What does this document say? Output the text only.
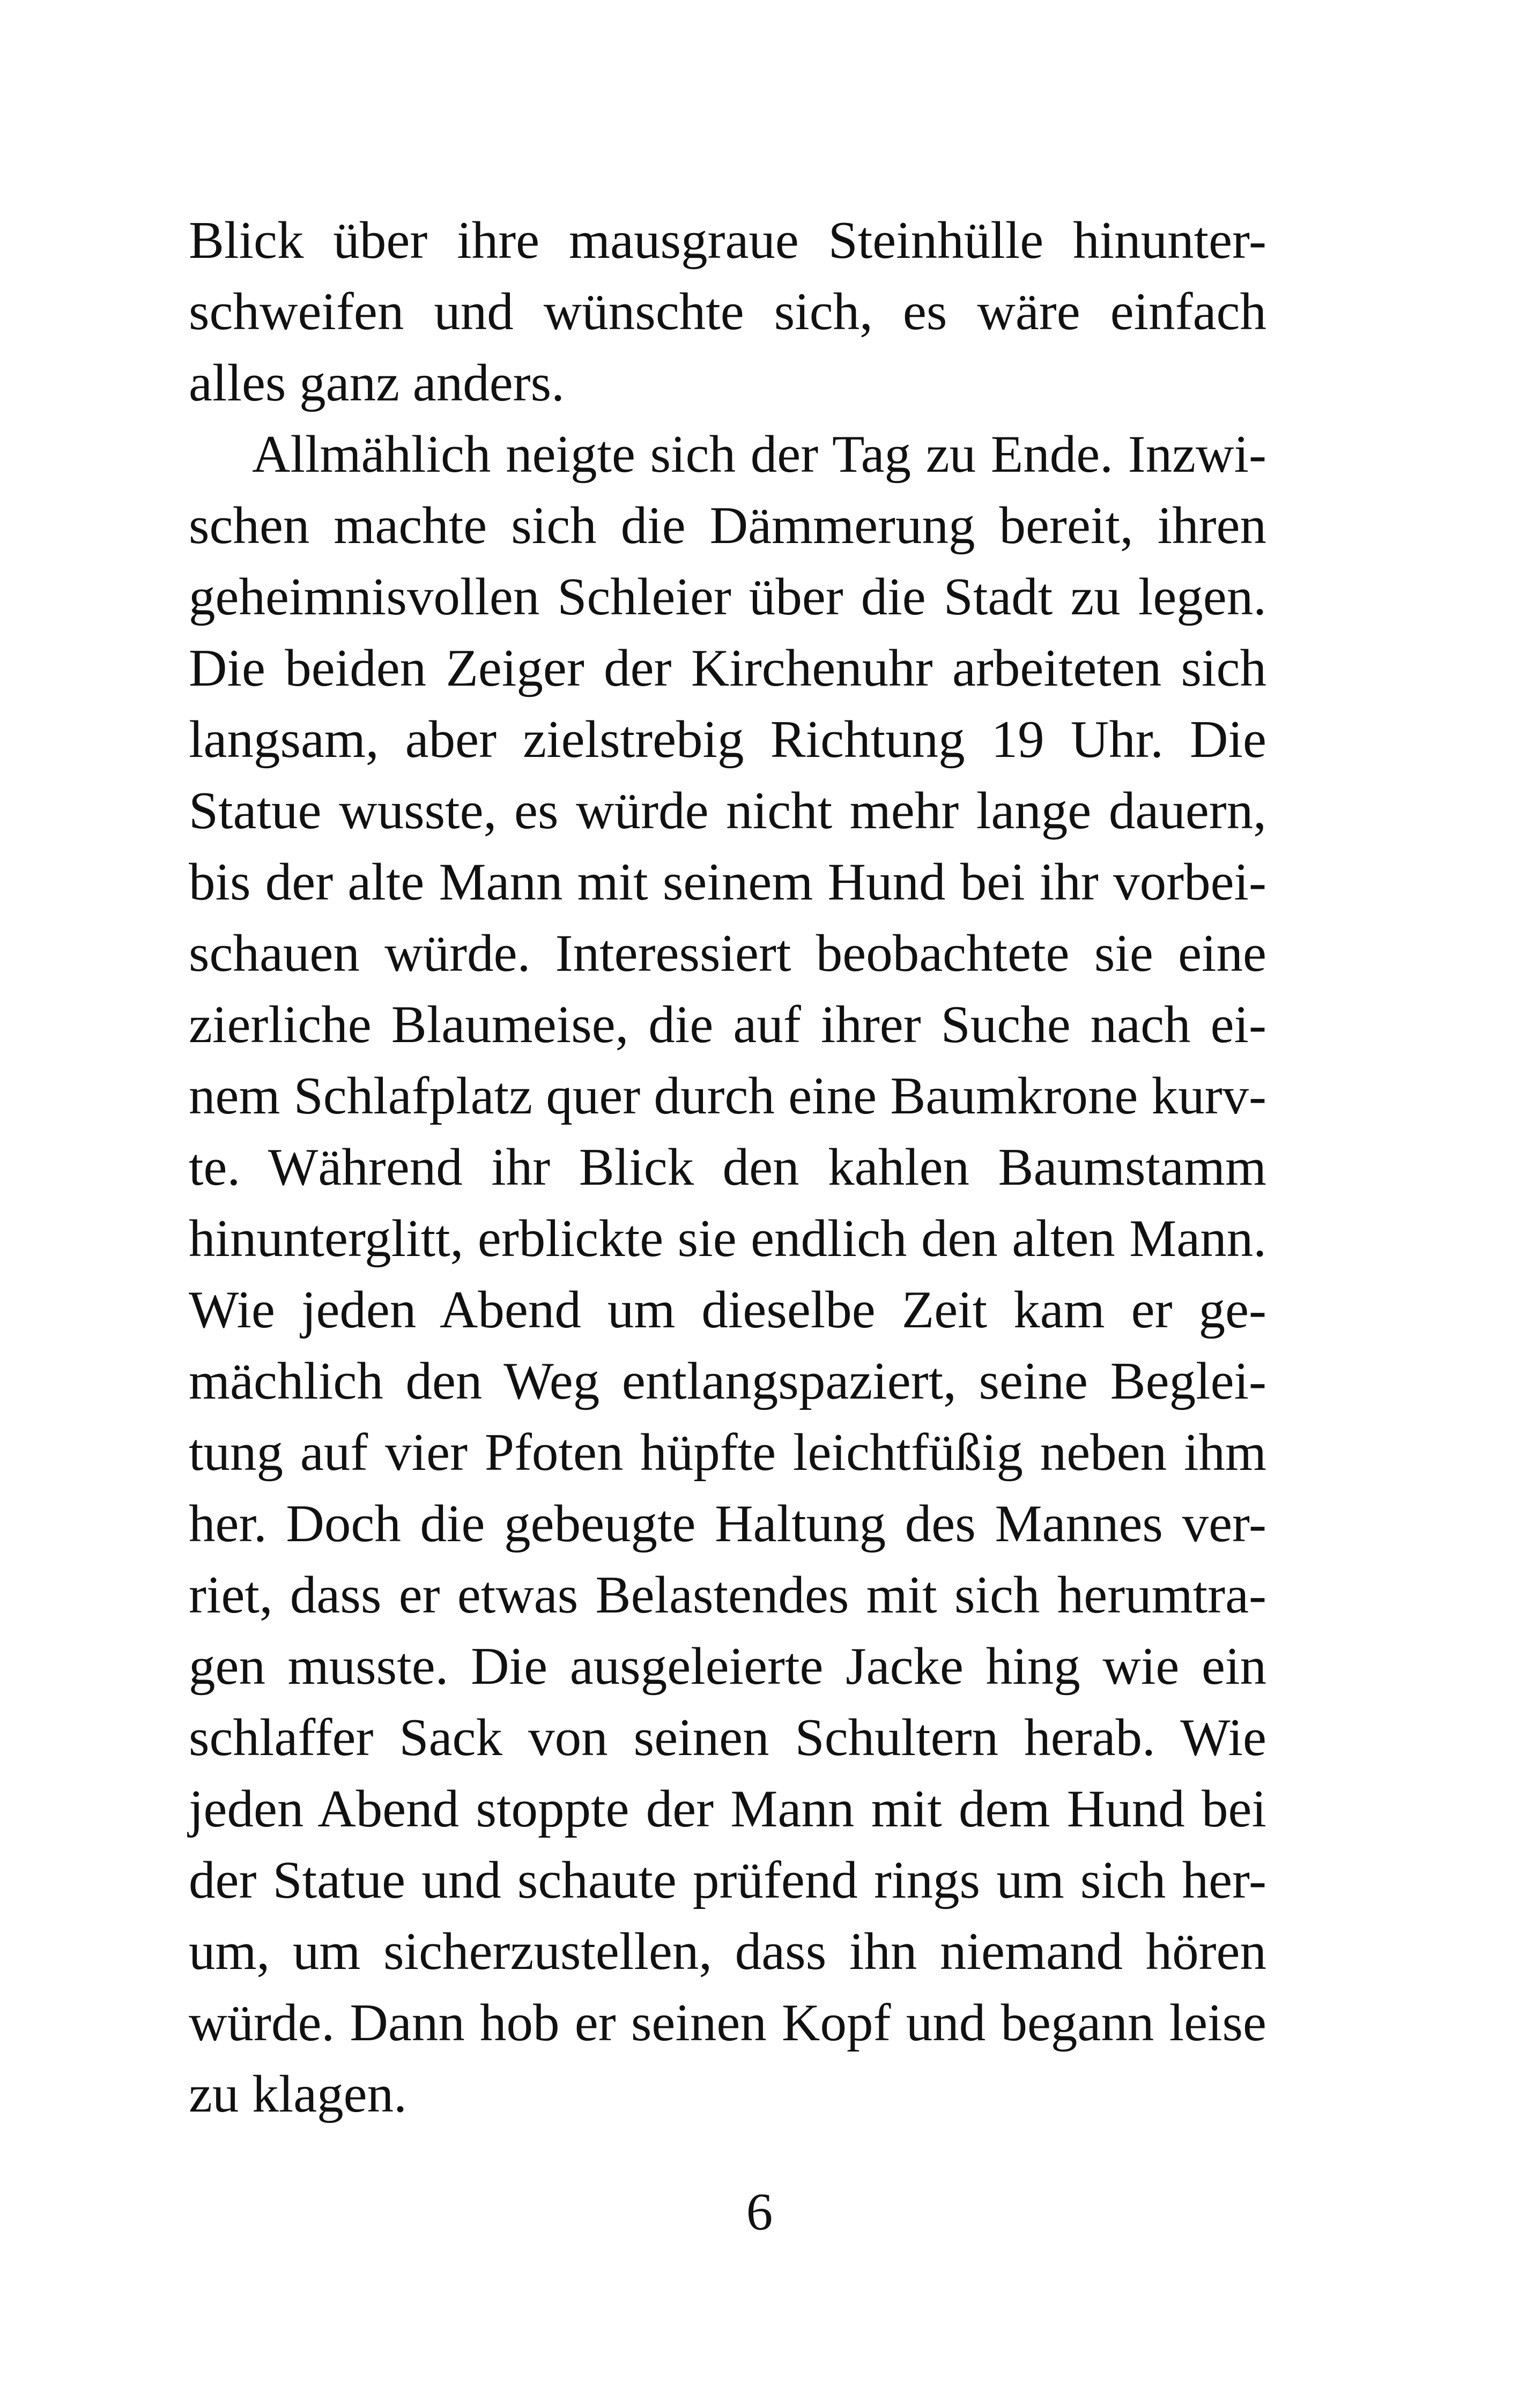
Blick über ihre mausgraue Steinhülle hinunter-
schweifen und wünschte sich, es wäre einfach
alles ganz anders.
Allmählich neigte sich der Tag zu Ende. Inzwi-
schen machte sich die Dämmerung bereit, ihren
geheimnisvollen Schleier über die Stadt zu legen.
Die beiden Zeiger der Kirchenuhr arbeiteten sich
langsam, aber zielstrebig Richtung 19 Uhr. Die
Statue wusste, es würde nicht mehr lange dauern,
bis der alte Mann mit seinem Hund bei ihr vorbei-
schauen würde. Interessiert beobachtete sie eine
zierliche Blaumeise, die auf ihrer Suche nach ei-
nem Schlafplatz quer durch eine Baumkrone kurv-
te. Während ihr Blick den kahlen Baumstamm
hinunterglitt, erblickte sie endlich den alten Mann.
Wie jeden Abend um dieselbe Zeit kam er ge-
mächlich den Weg entlangspaziert, seine Beglei-
tung auf vier Pfoten hüpfte leichtfüßig neben ihm
her. Doch die gebeugte Haltung des Mannes ver-
riet, dass er etwas Belastendes mit sich herumtra-
gen musste. Die ausgeleierte Jacke hing wie ein
schlaffer Sack von seinen Schultern herab. Wie
jeden Abend stoppte der Mann mit dem Hund bei
der Statue und schaute prüfend rings um sich her-
um, um sicherzustellen, dass ihn niemand hören
würde. Dann hob er seinen Kopf und begann leise
zu klagen.
6
